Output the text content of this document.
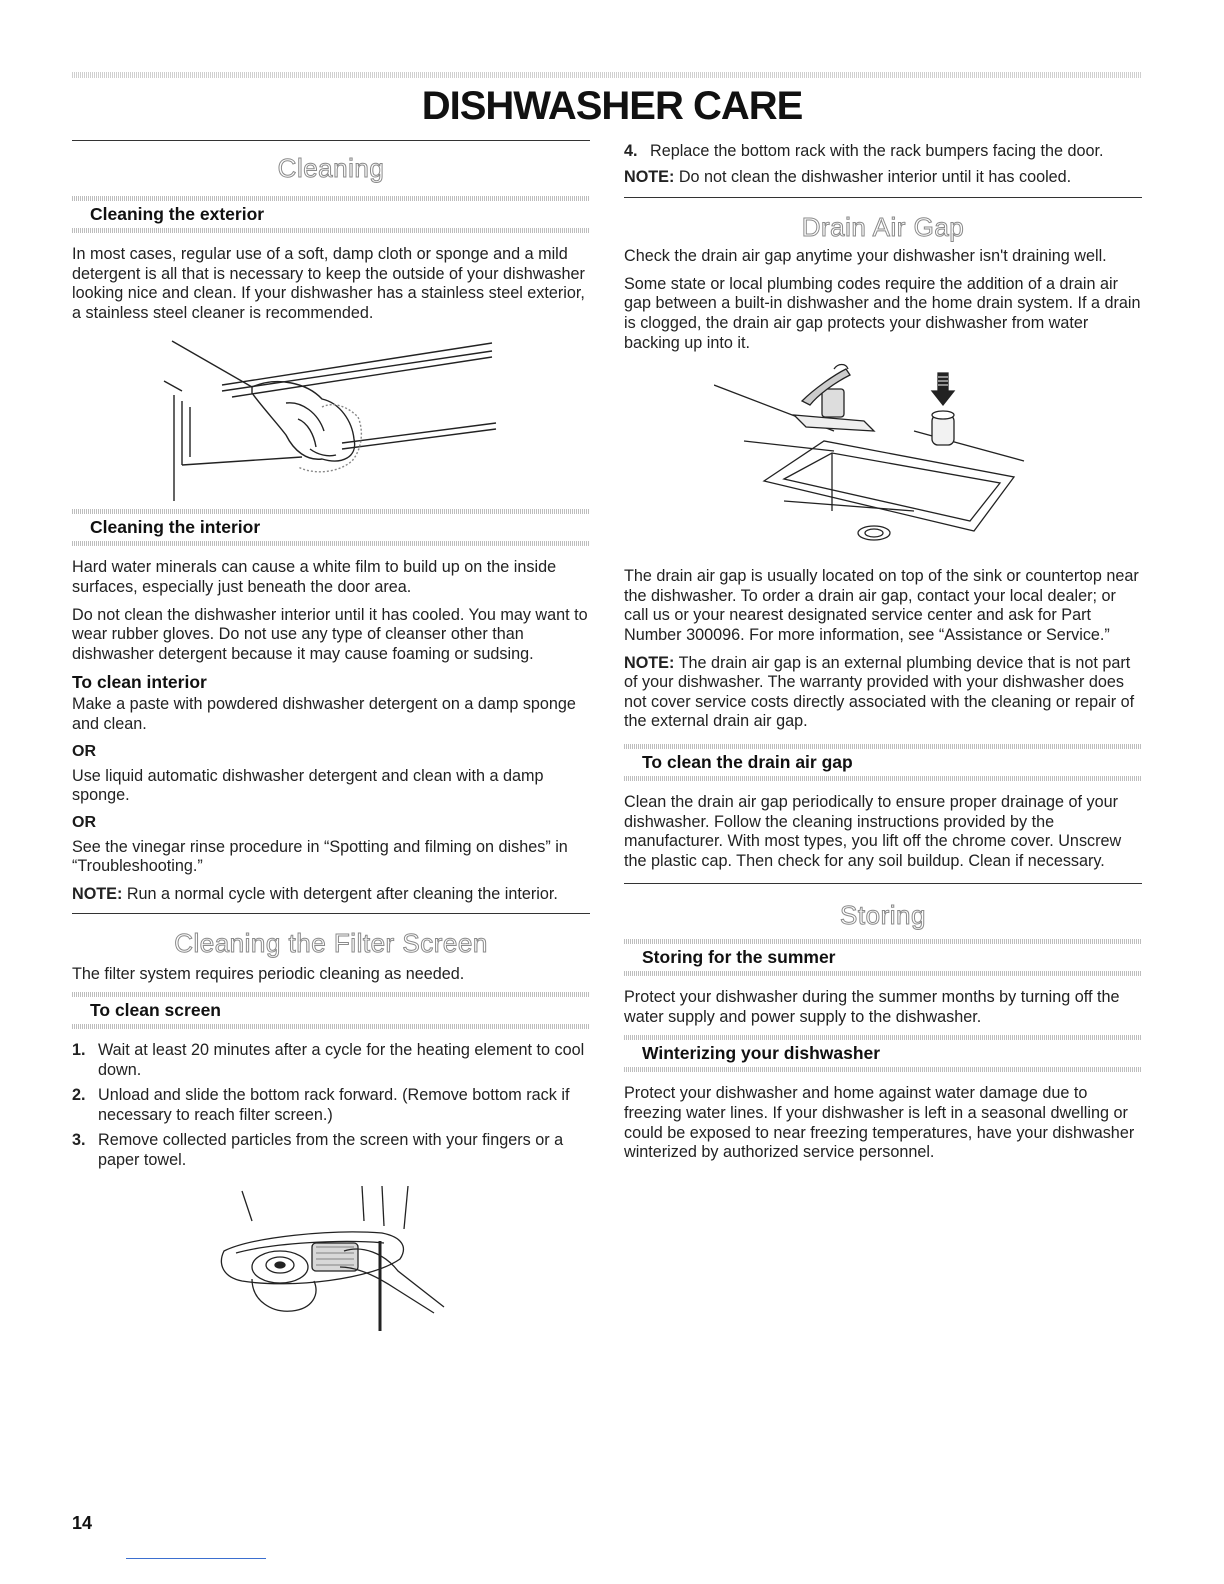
DISHWASHER CARE
Cleaning
Cleaning the exterior

In most cases, regular use of a soft, damp cloth or sponge and a mild detergent is all that is necessary to keep the outside of your dishwasher looking nice and clean. If your dishwasher has a stainless steel exterior, a stainless steel cleaner is recommended.

Cleaning the interior

Hard water minerals can cause a white film to build up on the inside surfaces, especially just beneath the door area.

Do not clean the dishwasher interior until it has cooled. You may want to wear rubber gloves. Do not use any type of cleanser other than dishwasher detergent because it may cause foaming or sudsing.

To clean interior

Make a paste with powdered dishwasher detergent on a damp sponge and clean.

OR

Use liquid automatic dishwasher detergent and clean with a damp sponge.

OR

See the vinegar rinse procedure in “Spotting and filming on dishes” in “Troubleshooting.”

NOTE: Run a normal cycle with detergent after cleaning the interior.

Cleaning the Filter Screen

The filter system requires periodic cleaning as needed.

To clean screen
1. Wait at least 20 minutes after a cycle for the heating element to cool down.
2. Unload and slide the bottom rack forward. (Remove bottom rack if necessary to reach filter screen.)
3. Remove collected particles from the screen with your fingers or a paper towel.
4. Replace the bottom rack with the rack bumpers facing the door.

NOTE: Do not clean the dishwasher interior until it has cooled.

Drain Air Gap

Check the drain air gap anytime your dishwasher isn't draining well.

Some state or local plumbing codes require the addition of a drain air gap between a built-in dishwasher and the home drain system. If a drain is clogged, the drain air gap protects your dishwasher from water backing up into it.

The drain air gap is usually located on top of the sink or countertop near the dishwasher. To order a drain air gap, contact your local dealer; or call us or your nearest designated service center and ask for Part Number 300096. For more information, see “Assistance or Service.”

NOTE: The drain air gap is an external plumbing device that is not part of your dishwasher. The warranty provided with your dishwasher does not cover service costs directly associated with the cleaning or repair of the external drain air gap.

To clean the drain air gap

Clean the drain air gap periodically to ensure proper drainage of your dishwasher. Follow the cleaning instructions provided by the manufacturer. With most types, you lift off the chrome cover. Unscrew the plastic cap. Then check for any soil buildup. Clean if necessary.

Storing
Storing for the summer

Protect your dishwasher during the summer months by turning off the water supply and power supply to the dishwasher.

Winterizing your dishwasher

Protect your dishwasher and home against water damage due to freezing water lines. If your dishwasher is left in a seasonal dwelling or could be exposed to near freezing temperatures, have your dishwasher winterized by authorized service personnel.

14
